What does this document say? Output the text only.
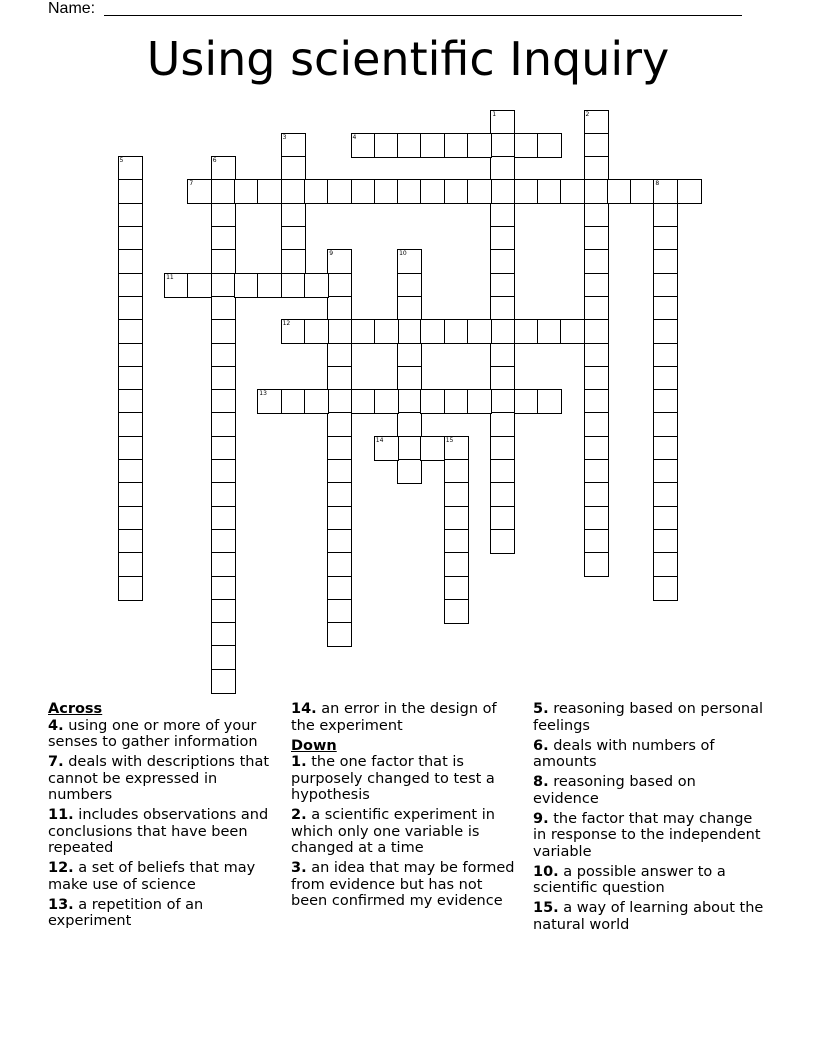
Name:
Using scientific Inquiry
1	2
3	4
5	6
7	8
9	10
11
12
13
14	15
Across
4. using one or more of your senses to gather information
7. deals with descriptions that cannot be expressed in numbers
11. includes observations and conclusions that have been repeated
12. a set of beliefs that may make use of science
13. a repetition of an experiment
14. an error in the design of the experiment
Down
1. the one factor that is purposely changed to test a hypothesis
2. a scientific experiment in which only one variable is changed at a time
3. an idea that may be formed from evidence but has not been confirmed my evidence
5. reasoning based on personal feelings
6. deals with numbers of amounts
8. reasoning based on evidence
9. the factor that may change in response to the independent variable
10. a possible answer to a scientific question
15. a way of learning about the natural world
